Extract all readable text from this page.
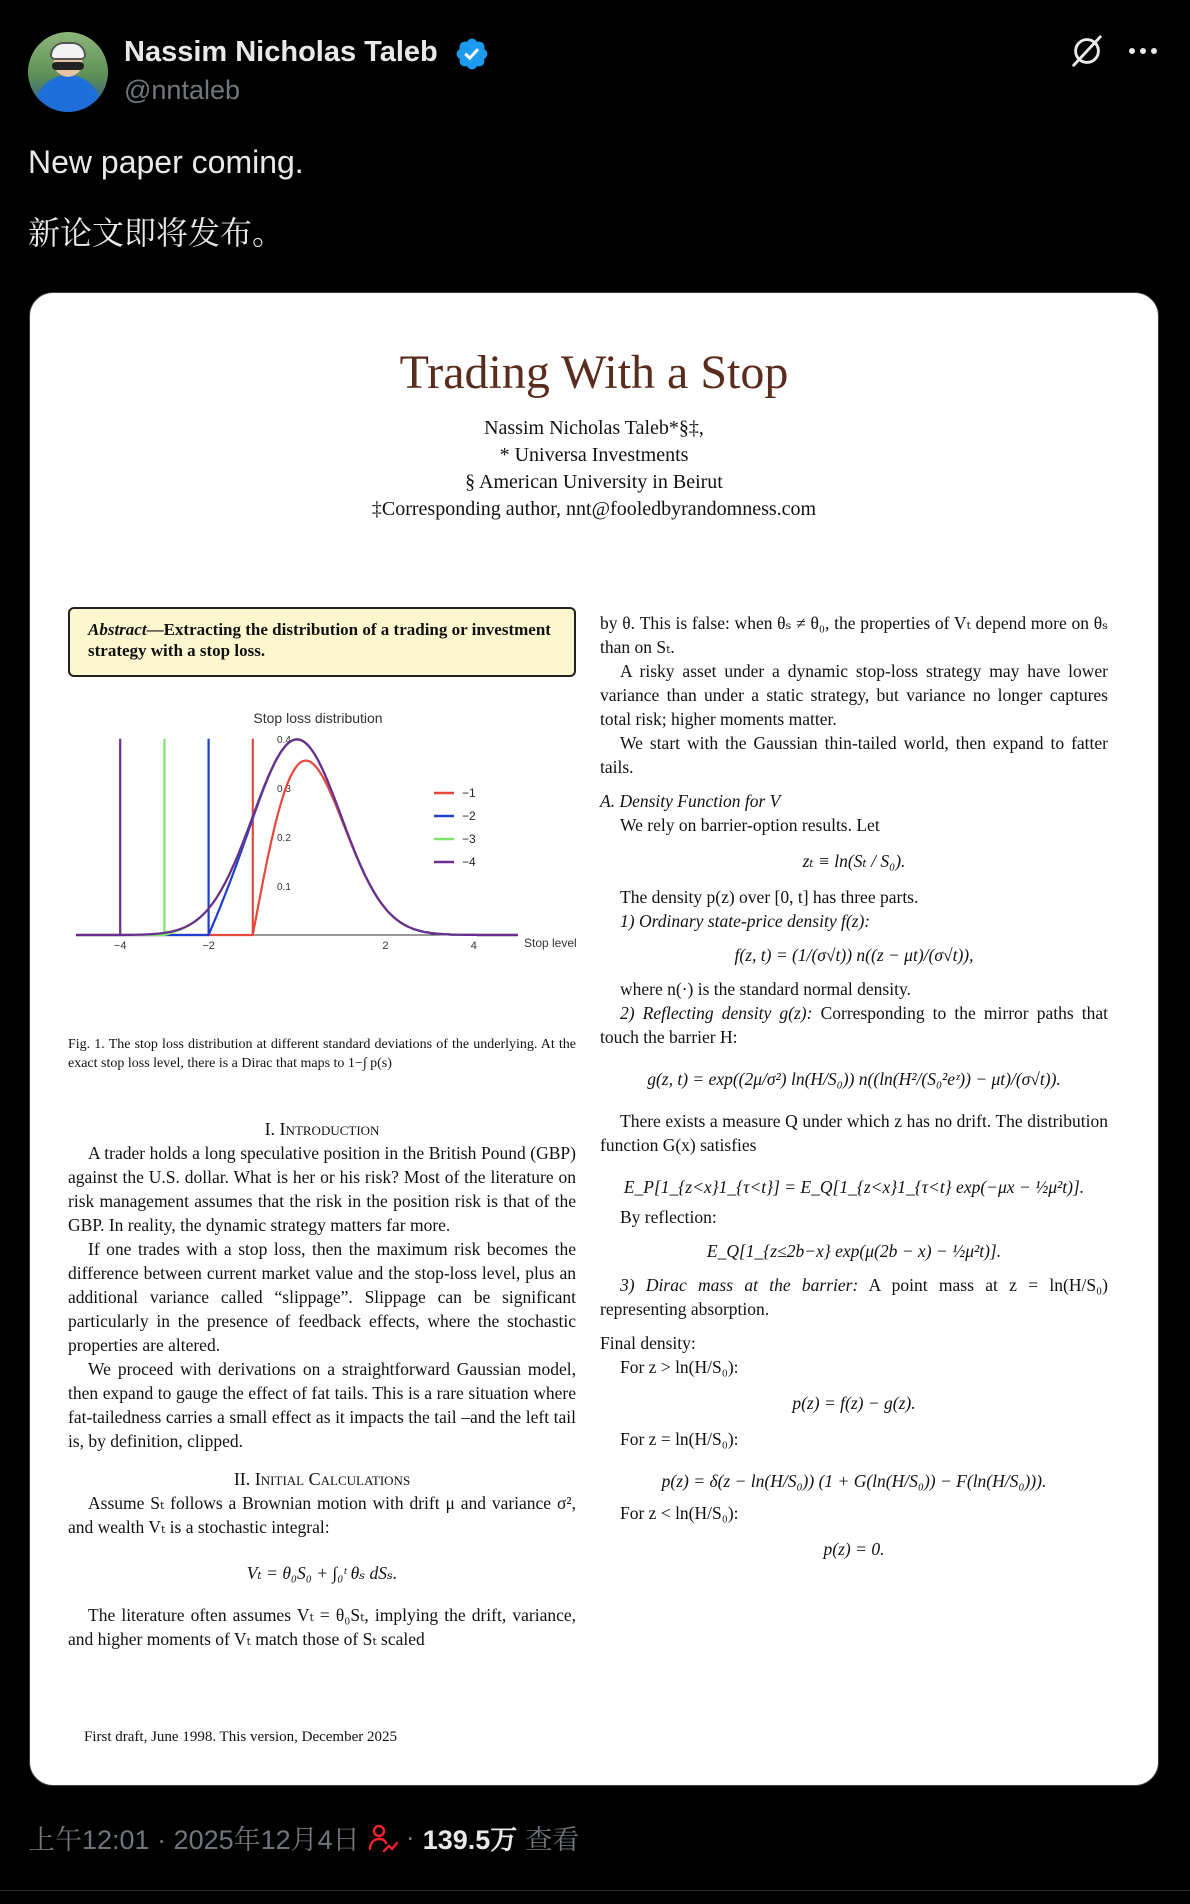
Nassim Nicholas Taleb
@nntaleb
New paper coming.
新论文即将发布。
Trading With a Stop
Nassim Nicholas Taleb*§‡,
* Universa Investments
§ American University in Beirut
‡Corresponding author, nnt@fooledbyrandomness.com
Abstract—Extracting the distribution of a trading or investment strategy with a stop loss.
Stop loss distribution
0.1
0.2
0.3
0.4
−4	−2	2	4
−1
−2
−3
−4
Stop level
Fig. 1. The stop loss distribution at different standard deviations of the underlying. At the exact stop loss level, there is a Dirac that maps to 1−∫ p(s)

I. Introduction

A trader holds a long speculative position in the British Pound (GBP) against the U.S. dollar. What is her or his risk? Most of the literature on risk management assumes that the risk in the position risk is that of the GBP. In reality, the dynamic strategy matters far more.

If one trades with a stop loss, then the maximum risk becomes the difference between current market value and the stop-loss level, plus an additional variance called “slippage”. Slippage can be significant particularly in the presence of feedback effects, where the stochastic properties are altered.

We proceed with derivations on a straightforward Gaussian model, then expand to gauge the effect of fat tails. This is a rare situation where fat-tailedness carries a small effect as it impacts the tail –and the left tail is, by definition, clipped.

II. Initial Calculations

Assume Sₜ follows a Brownian motion with drift μ and variance σ², and wealth Vₜ is a stochastic integral:

Vₜ = θ₀S₀ + ∫₀ᵗ θₛ dSₛ.

The literature often assumes Vₜ = θ₀Sₜ, implying the drift, variance, and higher moments of Vₜ match those of Sₜ scaled

First draft, June 1998. This version, December 2025

by θ. This is false: when θₛ ≠ θ₀, the properties of Vₜ depend more on θₛ than on Sₜ.

A risky asset under a dynamic stop-loss strategy may have lower variance than under a static strategy, but variance no longer captures total risk; higher moments matter.

We start with the Gaussian thin-tailed world, then expand to fatter tails.

A. Density Function for V

We rely on barrier-option results. Let

zₜ ≡ ln(Sₜ / S₀).

The density p(z) over [0, t] has three parts.

1) Ordinary state-price density f(z):

f(z, t) = (1/(σ√t)) n((z − μt)/(σ√t)),

where n(·) is the standard normal density.

2) Reflecting density g(z): Corresponding to the mirror paths that touch the barrier H:

g(z, t) = exp((2μ/σ²) ln(H/S₀)) n((ln(H²/(S₀²eᶻ)) − μt)/(σ√t)).

There exists a measure Q under which z has no drift. The distribution function G(x) satisfies

E_P[1_{z<x}1_{τ<t}] = E_Q[1_{z<x}1_{τ<t} exp(−μx − ½μ²t)].

By reflection:

E_Q[1_{z≤2b−x} exp(μ(2b − x) − ½μ²t)].

3) Dirac mass at the barrier: A point mass at z = ln(H/S₀) representing absorption.

Final density:

For z > ln(H/S₀):

p(z) = f(z) − g(z).

For z = ln(H/S₀):

p(z) = δ(z − ln(H/S₀)) (1 + G(ln(H/S₀)) − F(ln(H/S₀))).

For z < ln(H/S₀):

p(z) = 0.

上午12:01 · 2025年12月4日 · 139.5万 查看
